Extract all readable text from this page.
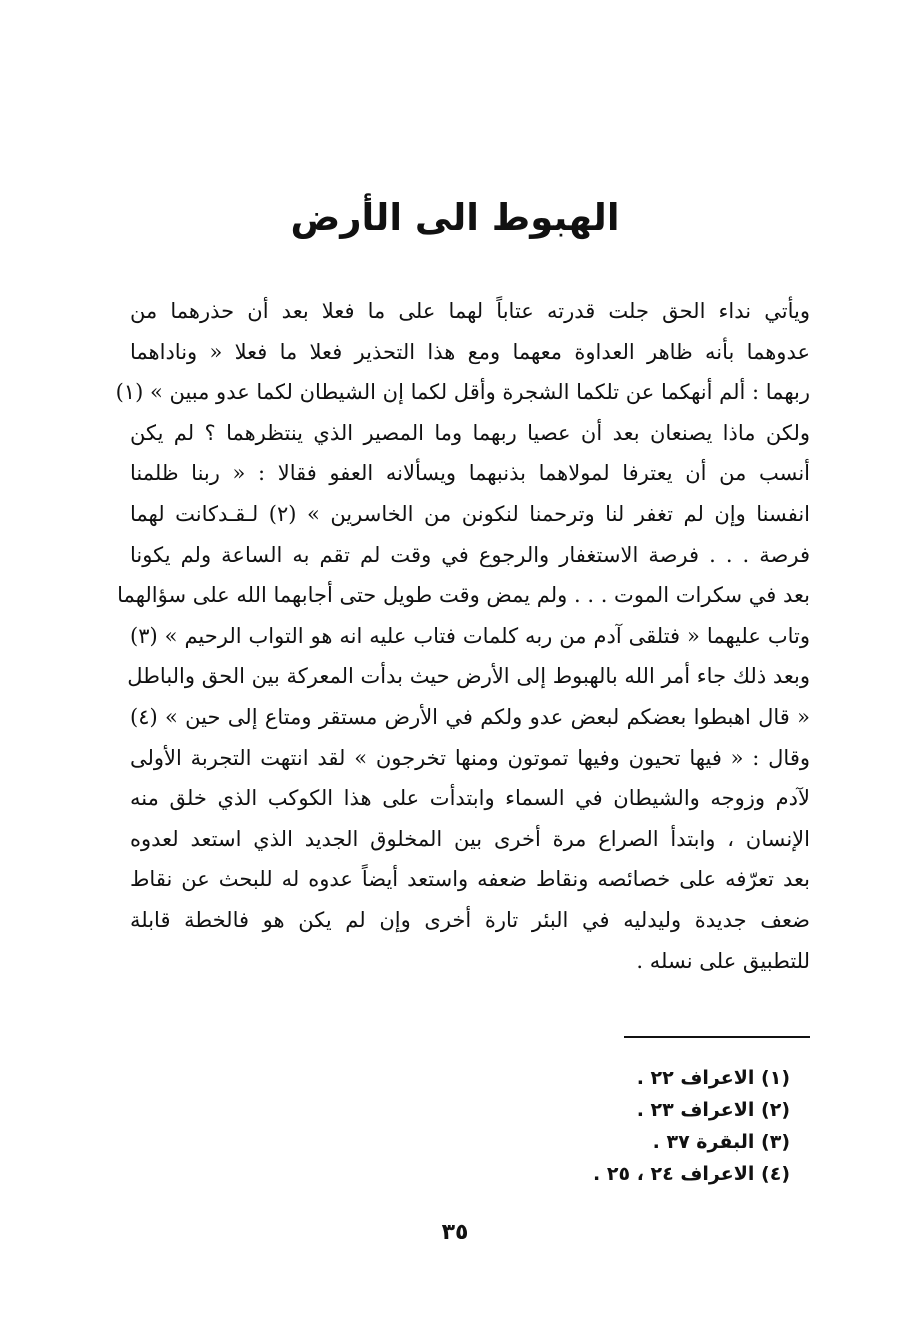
الهبوط الى الأرض
ويأتي نداء الحق جلت قدرته عتاباً لهما على ما فعلا بعد أن حذرهما من
عدوهما بأنه ظاهر العداوة معهما ومع هذا التحذير فعلا ما فعلا « وناداهما
ربهما : ألم أنهكما عن تلكما الشجرة وأقل لكما إن الشيطان لكما عدو مبين » (١)
ولكن ماذا يصنعان بعد أن عصيا ربهما وما المصير الذي ينتظرهما ؟ لم يكن
أنسب من أن يعترفا لمولاهما بذنبهما ويسألانه العفو فقالا : « ربنا ظلمنا
انفسنا وإن لم تغفر لنا وترحمنا لنكونن من الخاسرين » (٢) لـقـدكانت لهما
فرصة . . . فرصة الاستغفار والرجوع في وقت لم تقم به الساعة ولم يكونا
بعد في سكرات الموت . . . ولم يمض وقت طويل حتى أجابهما الله على سؤالهما
وتاب عليهما « فتلقى آدم من ربه كلمات فتاب عليه انه هو التواب الرحيم » (٣)
وبعد ذلك جاء أمر الله بالهبوط إلى الأرض حيث بدأت المعركة بين الحق والباطل
« قال اهبطوا بعضكم لبعض عدو ولكم في الأرض مستقر ومتاع إلى حين » (٤)
وقال : « فيها تحيون وفيها تموتون ومنها تخرجون » لقد انتهت التجربة الأولى
لآدم وزوجه والشيطان في السماء وابتدأت على هذا الكوكب الذي خلق منه
الإنسان ، وابتدأ الصراع مرة أخرى بين المخلوق الجديد الذي استعد لعدوه
بعد تعرّفه على خصائصه ونقاط ضعفه واستعد أيضاً عدوه له للبحث عن نقاط
ضعف جديدة وليدليه في البئر تارة أخرى وإن لم يكن هو فالخطة قابلة
للتطبيق على نسله .
(١) الاعراف ٢٢ .
(٢) الاعراف ٢٣ .
(٣) البقرة ٣٧ .
(٤) الاعراف ٢٤ ، ٢٥ .
٣٥
